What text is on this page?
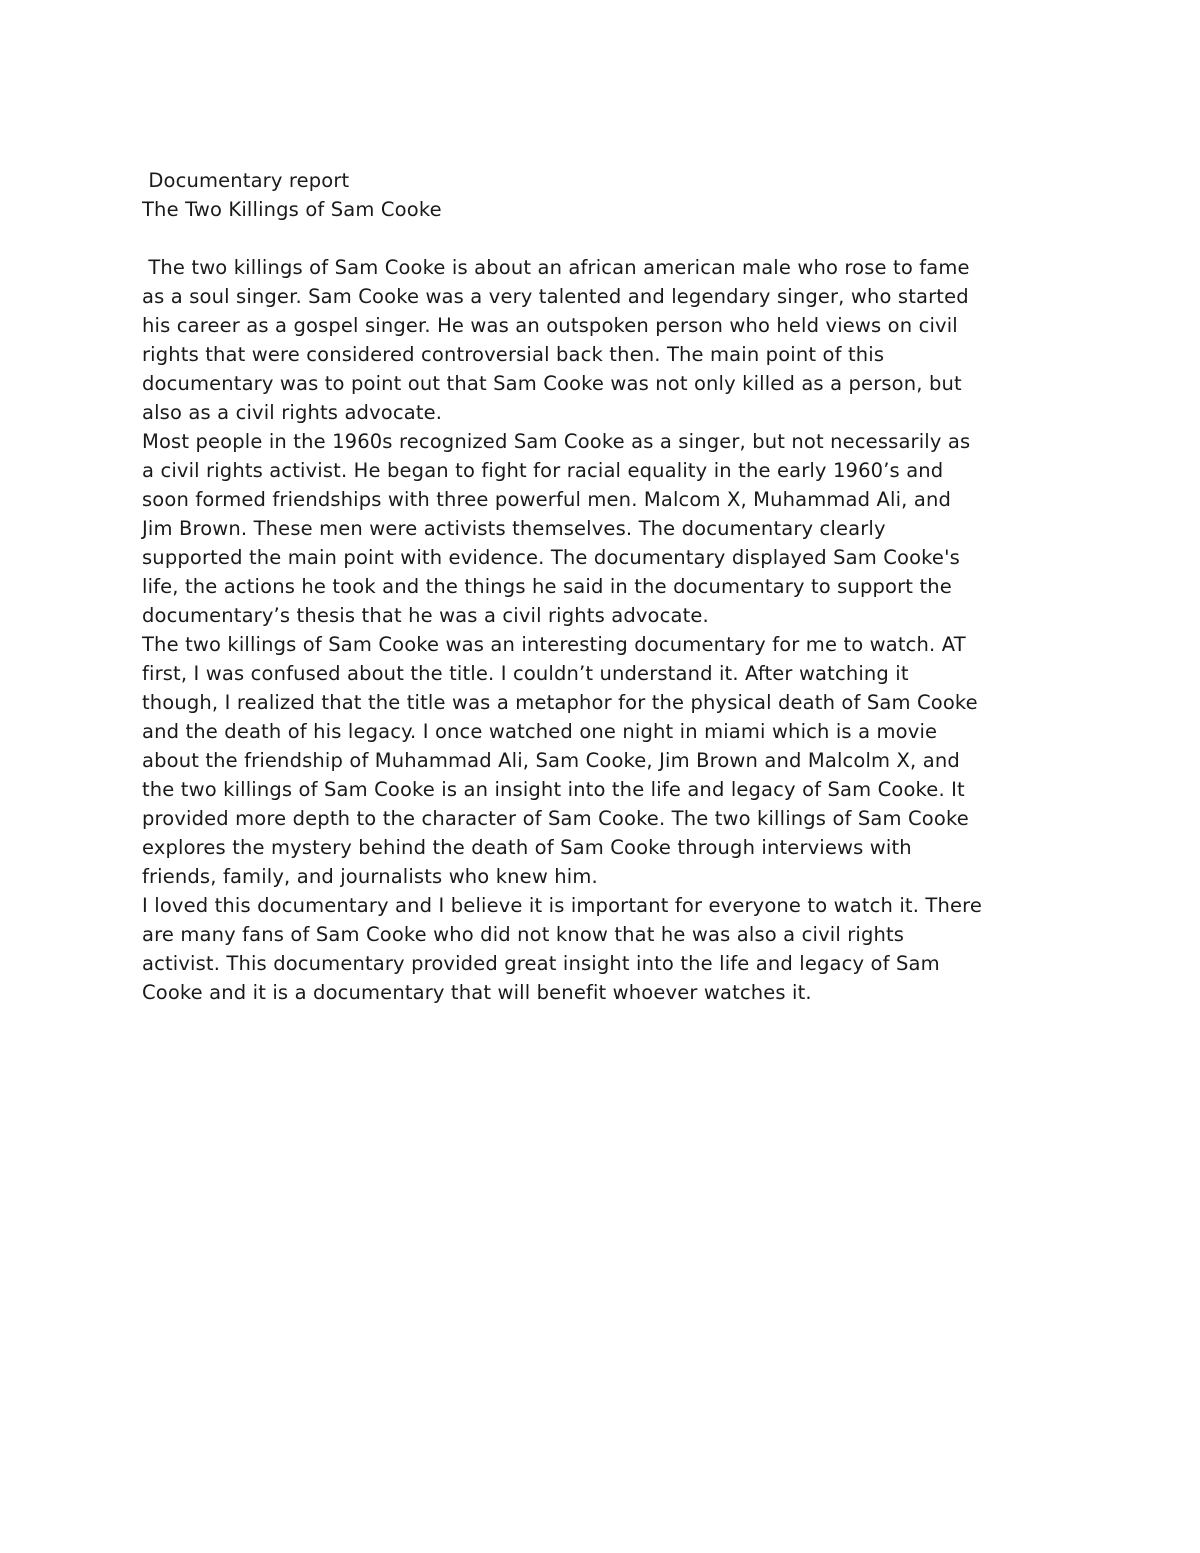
Documentary report
The Two Killings of Sam Cooke
The two killings of Sam Cooke is about an african american male who rose to fame
as a soul singer. Sam Cooke was a very talented and legendary singer, who started
his career as a gospel singer. He was an outspoken person who held views on civil
rights that were considered controversial back then. The main point of this
documentary was to point out that Sam Cooke was not only killed as a person, but
also as a civil rights advocate.
Most people in the 1960s recognized Sam Cooke as a singer, but not necessarily as
a civil rights activist. He began to fight for racial equality in the early 1960’s and
soon formed friendships with three powerful men. Malcom X, Muhammad Ali, and
Jim Brown. These men were activists themselves. The documentary clearly
supported the main point with evidence. The documentary displayed Sam Cooke's
life, the actions he took and the things he said in the documentary to support the
documentary’s thesis that he was a civil rights advocate.
The two killings of Sam Cooke was an interesting documentary for me to watch. AT
first, I was confused about the title. I couldn’t understand it. After watching it
though, I realized that the title was a metaphor for the physical death of Sam Cooke
and the death of his legacy. I once watched one night in miami which is a movie
about the friendship of Muhammad Ali, Sam Cooke, Jim Brown and Malcolm X, and
the two killings of Sam Cooke is an insight into the life and legacy of Sam Cooke. It
provided more depth to the character of Sam Cooke. The two killings of Sam Cooke
explores the mystery behind the death of Sam Cooke through interviews with
friends, family, and journalists who knew him.
I loved this documentary and I believe it is important for everyone to watch it. There
are many fans of Sam Cooke who did not know that he was also a civil rights
activist. This documentary provided great insight into the life and legacy of Sam
Cooke and it is a documentary that will benefit whoever watches it.
